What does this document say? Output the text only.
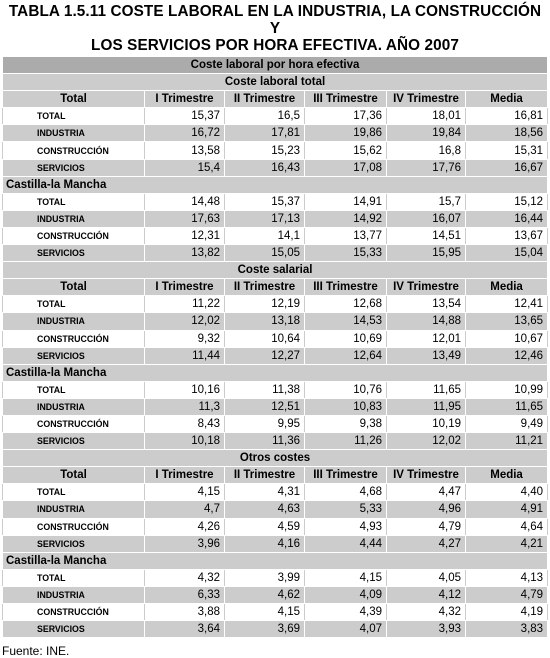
TABLA 1.5.11 COSTE LABORAL EN LA INDUSTRIA, LA CONSTRUCCIÓN Y
LOS SERVICIOS POR HORA EFECTIVA. AÑO 2007
Coste laboral por hora efectiva					
Coste laboral total					
Total	I Trimestre	II Trimestre	III Trimestre	IV Trimestre	Media
TOTAL	15,37	16,5	17,36	18,01	16,81
INDUSTRIA	16,72	17,81	19,86	19,84	18,56
CONSTRUCCIÓN	13,58	15,23	15,62	16,8	15,31
SERVICIOS	15,4	16,43	17,08	17,76	16,67
Castilla-la Mancha					
TOTAL	14,48	15,37	14,91	15,7	15,12
INDUSTRIA	17,63	17,13	14,92	16,07	16,44
CONSTRUCCIÓN	12,31	14,1	13,77	14,51	13,67
SERVICIOS	13,82	15,05	15,33	15,95	15,04
Coste salarial					
Total	I Trimestre	II Trimestre	III Trimestre	IV Trimestre	Media
TOTAL	11,22	12,19	12,68	13,54	12,41
INDUSTRIA	12,02	13,18	14,53	14,88	13,65
CONSTRUCCIÓN	9,32	10,64	10,69	12,01	10,67
SERVICIOS	11,44	12,27	12,64	13,49	12,46
Castilla-la Mancha					
TOTAL	10,16	11,38	10,76	11,65	10,99
INDUSTRIA	11,3	12,51	10,83	11,95	11,65
CONSTRUCCIÓN	8,43	9,95	9,38	10,19	9,49
SERVICIOS	10,18	11,36	11,26	12,02	11,21
Otros costes					
Total	I Trimestre	II Trimestre	III Trimestre	IV Trimestre	Media
TOTAL	4,15	4,31	4,68	4,47	4,40
INDUSTRIA	4,7	4,63	5,33	4,96	4,91
CONSTRUCCIÓN	4,26	4,59	4,93	4,79	4,64
SERVICIOS	3,96	4,16	4,44	4,27	4,21
Castilla-la Mancha					
TOTAL	4,32	3,99	4,15	4,05	4,13
INDUSTRIA	6,33	4,62	4,09	4,12	4,79
CONSTRUCCIÓN	3,88	4,15	4,39	4,32	4,19
SERVICIOS	3,64	3,69	4,07	3,93	3,83
Fuente: INE.
